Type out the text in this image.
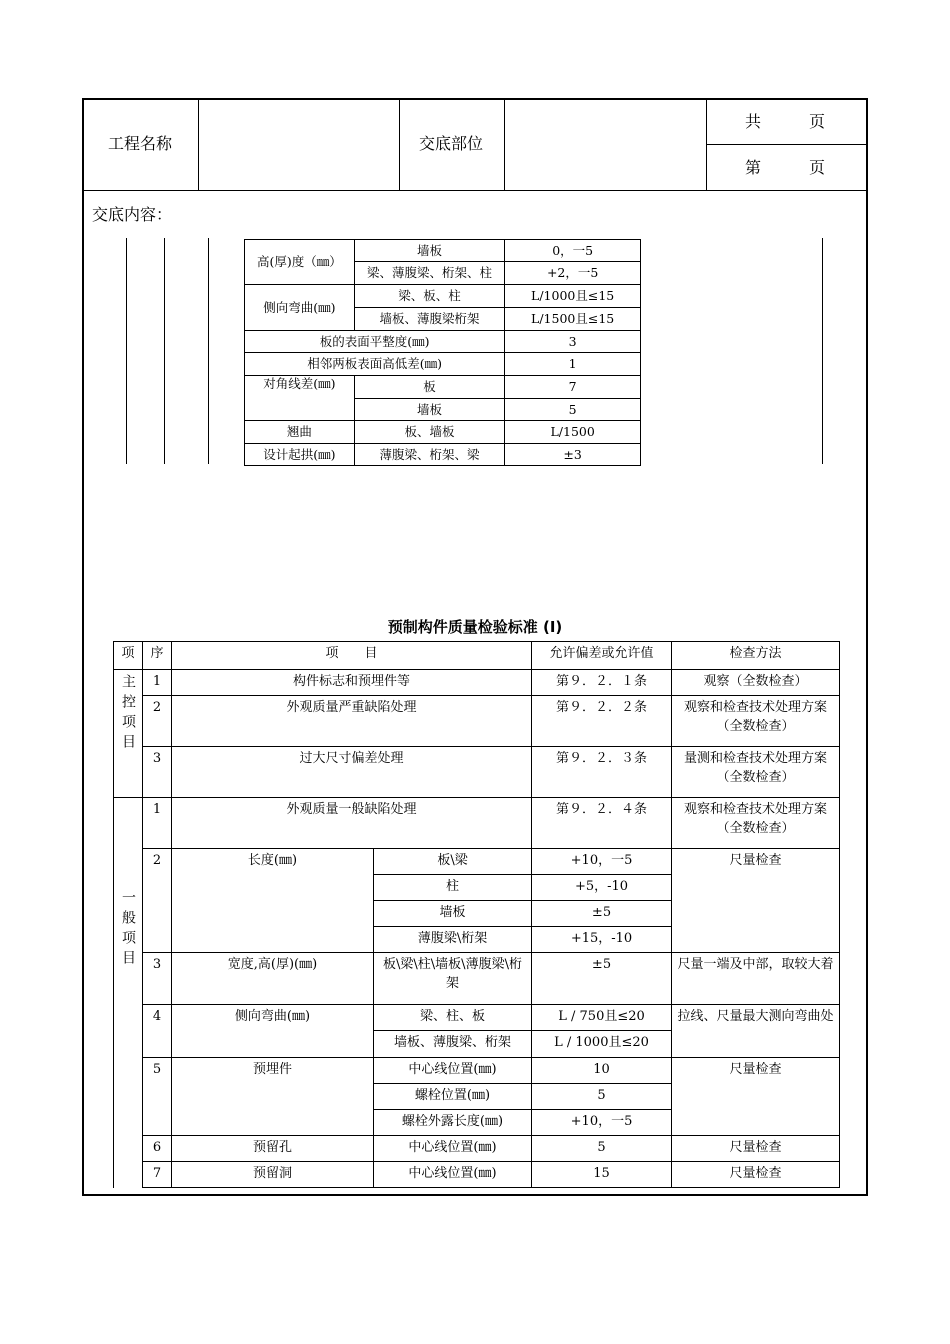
工程名称	交底部位
共　　　页
第　　　页
交底内容：
高(厚)度（㎜）	墙板	0，一5
	梁、薄腹梁、桁架、柱	+2，一5
侧向弯曲(㎜)	梁、板、柱	L/1000且≤15
	墙板、薄腹梁桁架	L/1500且≤15
板的表面平整度(㎜)		3
相邻两板表面高低差(㎜)		1
对角线差(㎜)	板	7
	墙板	5
翘曲	板、墙板	L/1500
设计起拱(㎜)	薄腹梁、桁架、梁	±3
预制构件质量检验标准 (I)
项	序	项　　目		允许偏差或允许值	检查方法
主控项目	1	构件标志和预埋件等		第９．２．１条	观察（全数检查）
	2	外观质量严重缺陷处理		第９．２．２条	观察和检查技术处理方案（全数检查）
	3	过大尺寸偏差处理		第９．２．３条	量测和检查技术处理方案（全数检查）
一般项目	1	外观质量一般缺陷处理		第９．２．４条	观察和检查技术处理方案（全数检查）
	2	长度(㎜)	板\梁	+10，一5	尺量检查
			柱	+5，-10	
			墙板	±5	
			薄腹梁\桁架	+15，-10	
	3	宽度,高(厚)(㎜)	板\梁\柱\墙板\薄腹梁\桁架	±5	尺量一端及中部，取较大着
	4	侧向弯曲(㎜)	梁、柱、板	L / 750且≤20	拉线、尺量最大测向弯曲处
			墙板、薄腹梁、桁架	L / 1000且≤20	
	5	预埋件	中心线位置(㎜)	10	尺量检查
			螺栓位置(㎜)	5	
			螺栓外露长度(㎜)	+10，一5	
	6	预留孔	中心线位置(㎜)	5	尺量检查
	7	预留洞	中心线位置(㎜)	15	尺量检查
